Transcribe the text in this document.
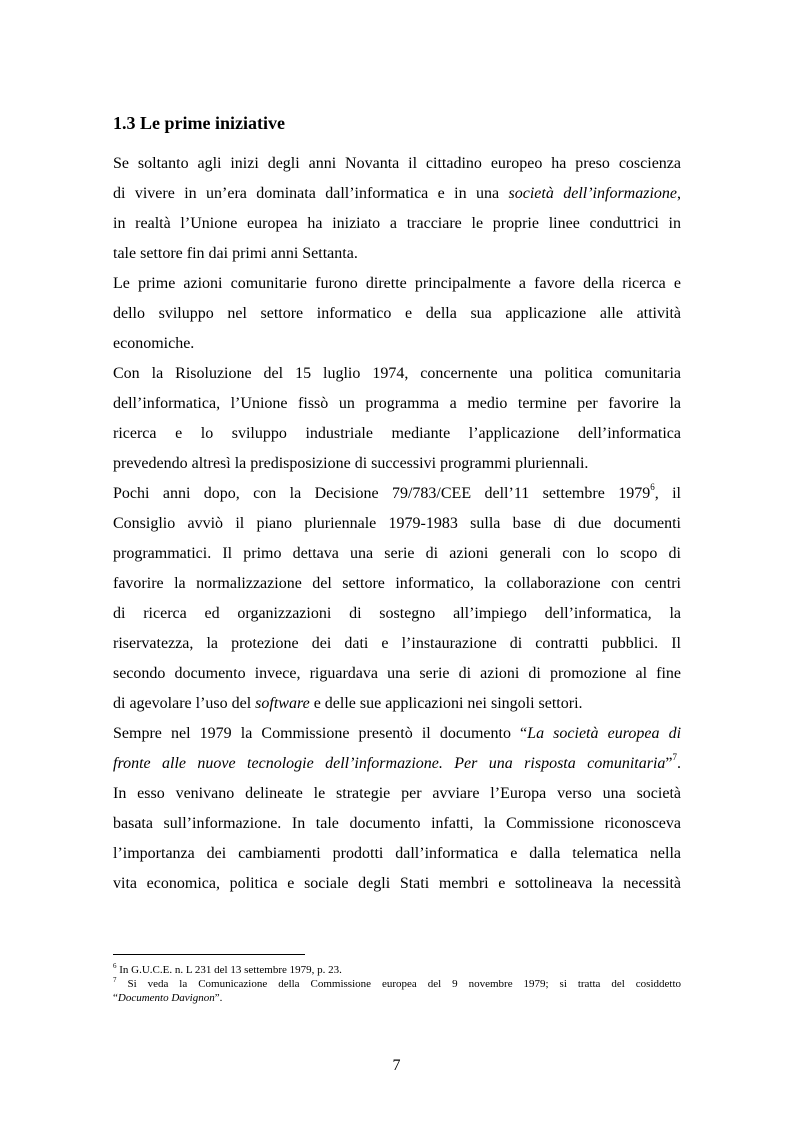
1.3 Le prime iniziative
Se soltanto agli inizi degli anni Novanta il cittadino europeo ha preso coscienza
di vivere in un’era dominata dall’informatica e in una società dell’informazione,
in realtà l’Unione europea ha iniziato a tracciare le proprie linee conduttrici in
tale settore fin dai primi anni Settanta.
Le prime azioni comunitarie furono dirette principalmente a favore della ricerca e
dello sviluppo nel settore informatico e della sua applicazione alle attività
economiche.
Con la Risoluzione del 15 luglio 1974, concernente una politica comunitaria
dell’informatica, l’Unione fissò un programma a medio termine per favorire la
ricerca e lo sviluppo industriale mediante l’applicazione dell’informatica
prevedendo altresì la predisposizione di successivi programmi pluriennali.
Pochi anni dopo, con la Decisione 79/783/CEE dell’11 settembre 1979$^6$, il
Consiglio avviò il piano pluriennale 1979-1983 sulla base di due documenti
programmatici. Il primo dettava una serie di azioni generali con lo scopo di
favorire la normalizzazione del settore informatico, la collaborazione con centri
di ricerca ed organizzazioni di sostegno all’impiego dell’informatica, la
riservatezza, la protezione dei dati e l’instaurazione di contratti pubblici. Il
secondo documento invece, riguardava una serie di azioni di promozione al fine
di agevolare l’uso del software e delle sue applicazioni nei singoli settori.
Sempre nel 1979 la Commissione presentò il documento “La società europea di
fronte alle nuove tecnologie dell’informazione. Per una risposta comunitaria”$^7$.
In esso venivano delineate le strategie per avviare l’Europa verso una società
basata sull’informazione. In tale documento infatti, la Commissione riconosceva
l’importanza dei cambiamenti prodotti dall’informatica e dalla telematica nella
vita economica, politica e sociale degli Stati membri e sottolineava la necessità
$^6$ In G.U.C.E. n. L 231 del 13 settembre 1979, p. 23.
$^7$ Si veda la Comunicazione della Commissione europea del 9 novembre 1979; si tratta del cosiddetto
“Documento Davignon”.
7
